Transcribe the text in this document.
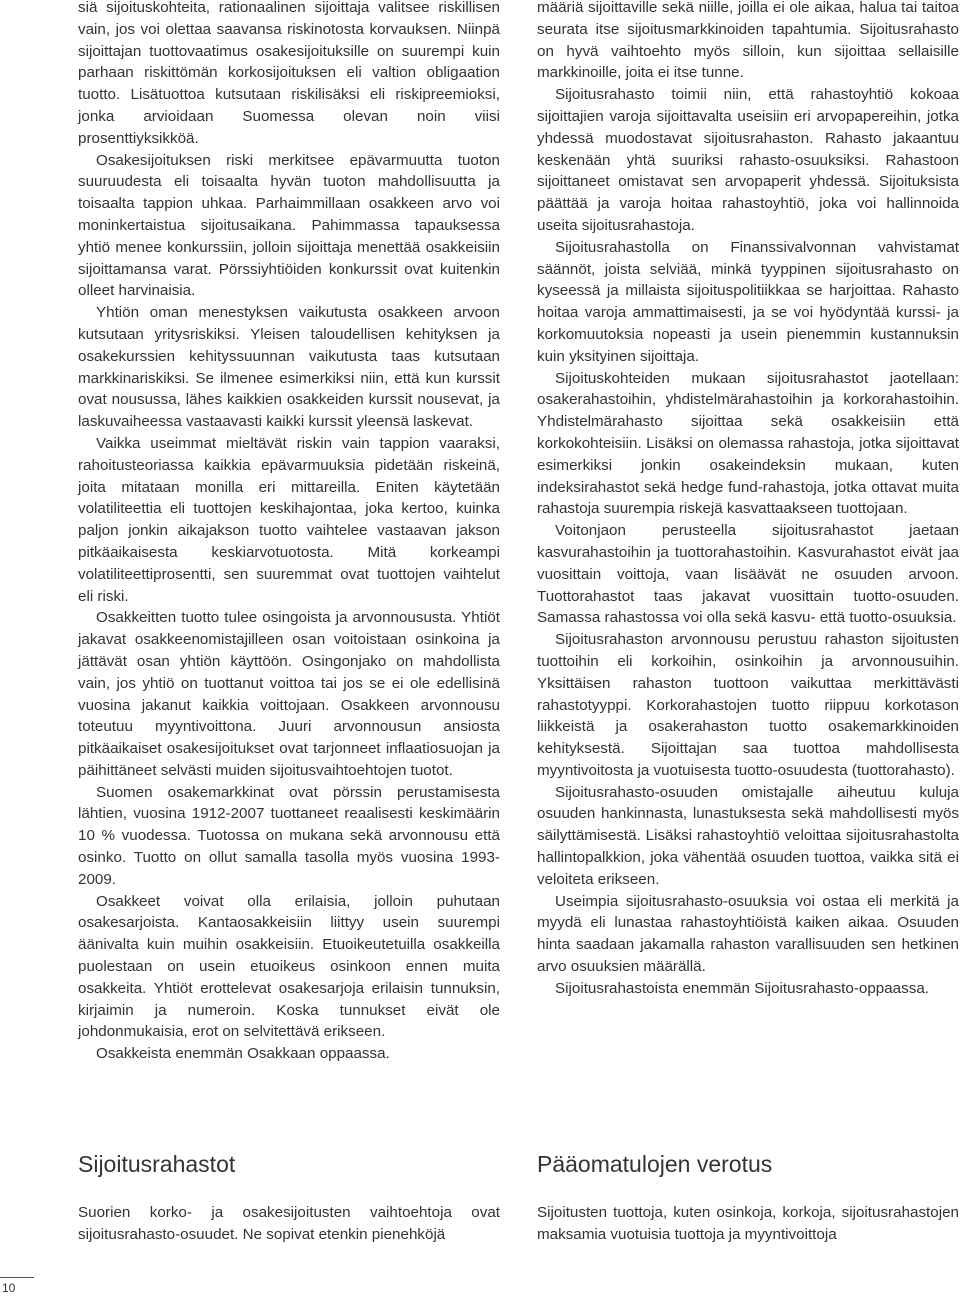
siä sijoituskohteita, rationaalinen sijoittaja valitsee riskillisen vain, jos voi olettaa saavansa riskinotosta korvauksen. Niinpä sijoittajan tuottovaatimus osakesijoituksille on suurempi kuin parhaan riskittömän korkosijoituksen eli valtion obligaation tuotto. Lisätuottoa kutsutaan riskilisäksi eli riskipreemioksi, jonka arvioidaan Suomessa olevan noin viisi prosenttiyksikköä.

Osakesijoituksen riski merkitsee epävarmuutta tuoton suuruudesta eli toisaalta hyvän tuoton mahdollisuutta ja toisaalta tappion uhkaa. Parhaimmillaan osakkeen arvo voi moninkertaistua sijoitusaikana. Pahimmassa tapauksessa yhtiö menee konkurssiin, jolloin sijoittaja menettää osakkeisiin sijoittamansa varat. Pörssiyhtiöiden konkurssit ovat kuitenkin olleet harvinaisia.

Yhtiön oman menestyksen vaikutusta osakkeen arvoon kutsutaan yritysriskiksi. Yleisen taloudellisen kehityksen ja osakekurssien kehityssuunnan vaikutusta taas kutsutaan markkinariskiksi. Se ilmenee esimerkiksi niin, että kun kurssit ovat nousussa, lähes kaikkien osakkeiden kurssit nousevat, ja laskuvaiheessa vastaavasti kaikki kurssit yleensä laskevat.

Vaikka useimmat mieltävät riskin vain tappion vaaraksi, rahoitusteoriassa kaikkia epävarmuuksia pidetään riskeinä, joita mitataan monilla eri mittareilla. Eniten käytetään volatiliteettia eli tuottojen keskihajontaa, joka kertoo, kuinka paljon jonkin aikajakson tuotto vaihtelee vastaavan jakson pitkäaikaisesta keskiarvotuotosta. Mitä korkeampi volatiliteettiprosentti, sen suuremmat ovat tuottojen vaihtelut eli riski.

Osakkeitten tuotto tulee osingoista ja arvonnoususta. Yhtiöt jakavat osakkeenomistajilleen osan voitoistaan osinkoina ja jättävät osan yhtiön käyttöön. Osingonjako on mahdollista vain, jos yhtiö on tuottanut voittoa tai jos se ei ole edellisinä vuosina jakanut kaikkia voittojaan. Osakkeen arvonnousu toteutuu myyntivoittona. Juuri arvonnousun ansiosta pitkäaikaiset osakesijoitukset ovat tarjonneet inflaatiosuojan ja päihittäneet selvästi muiden sijoitusvaihtoehtojen tuotot.

Suomen osakemarkkinat ovat pörssin perustamisesta lähtien, vuosina 1912-2007 tuottaneet reaalisesti keskimäärin 10 % vuodessa. Tuotossa on mukana sekä arvonnousu että osinko. Tuotto on ollut samalla tasolla myös vuosina 1993-2009.

Osakkeet voivat olla erilaisia, jolloin puhutaan osakesarjoista. Kantaosakkeisiin liittyy usein suurempi äänivalta kuin muihin osakkeisiin. Etuoikeutetuilla osakkeilla puolestaan on usein etuoikeus osinkoon ennen muita osakkeita. Yhtiöt erottelevat osakesarjoja erilaisin tunnuksin, kirjaimin ja numeroin. Koska tunnukset eivät ole johdonmukaisia, erot on selvitettävä erikseen.

Osakkeista enemmän Osakkaan oppaassa.

määriä sijoittaville sekä niille, joilla ei ole aikaa, halua tai taitoa seurata itse sijoitusmarkkinoiden tapahtumia. Sijoitusrahasto on hyvä vaihtoehto myös silloin, kun sijoittaa sellaisille markkinoille, joita ei itse tunne.

Sijoitusrahasto toimii niin, että rahastoyhtiö kokoaa sijoittajien varoja sijoittavalta useisiin eri arvopapereihin, jotka yhdessä muodostavat sijoitusrahaston. Rahasto jakaantuu keskenään yhtä suuriksi rahasto-osuuksiksi. Rahastoon sijoittaneet omistavat sen arvopaperit yhdessä. Sijoituksista päättää ja varoja hoitaa rahastoyhtiö, joka voi hallinnoida useita sijoitusrahastoja.

Sijoitusrahastolla on Finanssivalvonnan vahvistamat säännöt, joista selviää, minkä tyyppinen sijoitusrahasto on kyseessä ja millaista sijoituspolitiikkaa se harjoittaa. Rahasto hoitaa varoja ammattimaisesti, ja se voi hyödyntää kurssi- ja korkomuutoksia nopeasti ja usein pienemmin kustannuksin kuin yksityinen sijoittaja.

Sijoituskohteiden mukaan sijoitusrahastot jaotellaan: osakerahastoihin, yhdistelmärahastoihin ja korkorahastoihin. Yhdistelmärahasto sijoittaa sekä osakkeisiin että korkokohteisiin. Lisäksi on olemassa rahastoja, jotka sijoittavat esimerkiksi jonkin osakeindeksin mukaan, kuten indeksirahastot sekä hedge fund-rahastoja, jotka ottavat muita rahastoja suurempia riskejä kasvattaakseen tuottojaan.

Voitonjaon perusteella sijoitusrahastot jaetaan kasvurahastoihin ja tuottorahastoihin. Kasvurahastot eivät jaa vuosittain voittoja, vaan lisäävät ne osuuden arvoon. Tuottorahastot taas jakavat vuosittain tuotto-osuuden. Samassa rahastossa voi olla sekä kasvu- että tuotto-osuuksia.

Sijoitusrahaston arvonnousu perustuu rahaston sijoitusten tuottoihin eli korkoihin, osinkoihin ja arvonnousuihin. Yksittäisen rahaston tuottoon vaikuttaa merkittävästi rahastotyyppi. Korkorahastojen tuotto riippuu korkotason liikkeistä ja osakerahaston tuotto osakemarkkinoiden kehityksestä. Sijoittajan saa tuottoa mahdollisesta myyntivoitosta ja vuotuisesta tuotto-osuudesta (tuottorahasto).

Sijoitusrahasto-osuuden omistajalle aiheutuu kuluja osuuden hankinnasta, lunastuksesta sekä mahdollisesti myös säilyttämisestä. Lisäksi rahastoyhtiö veloittaa sijoitusrahastolta hallintopalkkion, joka vähentää osuuden tuottoa, vaikka sitä ei veloiteta erikseen.

Useimpia sijoitusrahasto-osuuksia voi ostaa eli merkitä ja myydä eli lunastaa rahastoyhtiöistä kaiken aikaa. Osuuden hinta saadaan jakamalla rahaston varallisuuden sen hetkinen arvo osuuksien määrällä.

Sijoitusrahastoista enemmän Sijoitusrahasto-oppaassa.

Sijoitusrahastot

Suorien korko- ja osakesijoitusten vaihtoehtoja ovat sijoitusrahasto-osuudet. Ne sopivat etenkin pienehköjä

Pääomatulojen verotus

Sijoitusten tuottoja, kuten osinkoja, korkoja, sijoitusrahastojen maksamia vuotuisia tuottoja ja myyntivoittoja

10
